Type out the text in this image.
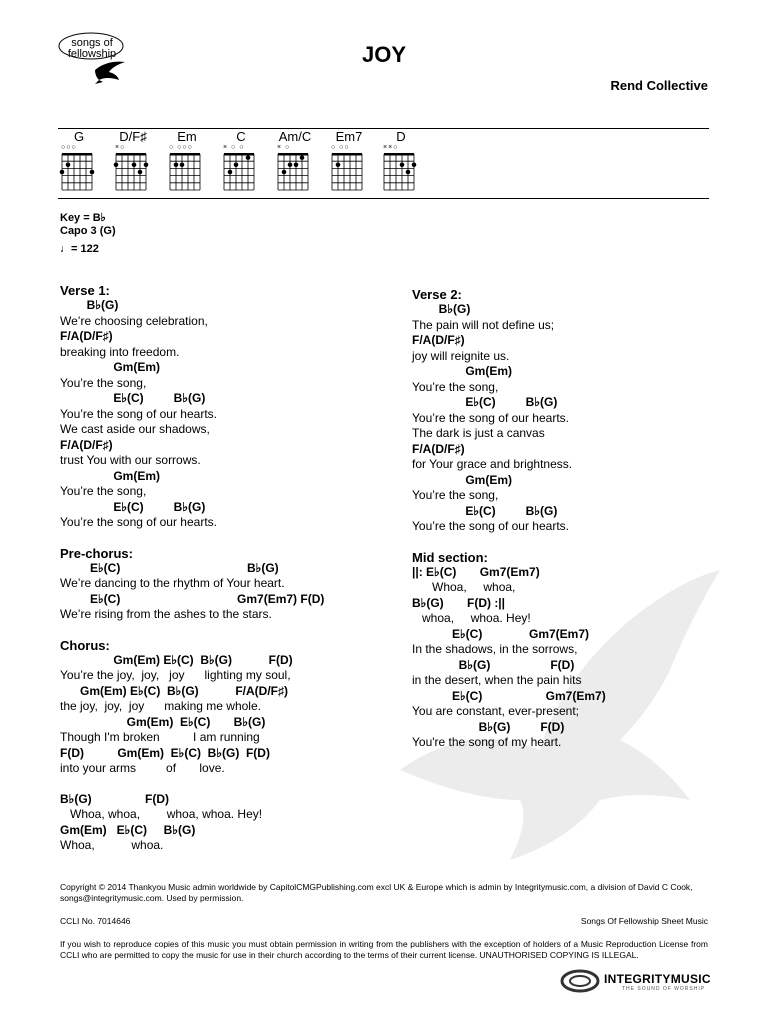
songs of fellowship	JOY
Rend Collective
G
○○○
D/F♯
×○
Em
○ ○○○
C
× ○ ○
Am/C
× ○
Em7
○ ○○
D
××○
Key = B♭
Capo 3 (G)
♩= 122
Verse 1:
B♭(G)
We’re choosing celebration,
F/A(D/F♯)
breaking into freedom.
Gm(Em)
You’re the song,
E♭(C)         B♭(G)
You’re the song of our hearts.
We cast aside our shadows,
F/A(D/F♯)
trust You with our sorrows.
Gm(Em)
You’re the song,
E♭(C)         B♭(G)
You’re the song of our hearts.
Pre-chorus:
E♭(C)                                      B♭(G)
We’re dancing to the rhythm of Your heart.
E♭(C)                                   Gm7(Em7) F(D)
We’re rising from the ashes to the stars.
Chorus:
Gm(Em) E♭(C)  B♭(G)           F(D)
You’re the joy,  joy,   joy      lighting my soul,
Gm(Em) E♭(C)  B♭(G)           F/A(D/F♯)
the joy,  joy,  joy      making me whole.
Gm(Em)  E♭(C)       B♭(G)
Though I'm broken          I am running
F(D)          Gm(Em)  E♭(C)  B♭(G)  F(D)
into your arms         of       love.
B♭(G)                F(D)
Whoa, whoa,        whoa, whoa. Hey!
Gm(Em)   E♭(C)     B♭(G)
Whoa,           whoa.
Verse 2:
B♭(G)
The pain will not define us;
F/A(D/F♯)
joy will reignite us.
Gm(Em)
You’re the song,
E♭(C)         B♭(G)
You’re the song of our hearts.
The dark is just a canvas
F/A(D/F♯)
for Your grace and brightness.
Gm(Em)
You’re the song,
E♭(C)         B♭(G)
You’re the song of our hearts.
Mid section:
||: E♭(C)       Gm7(Em7)
Whoa,     whoa,
B♭(G)       F(D) :||
whoa,     whoa. Hey!
E♭(C)              Gm7(Em7)
In the shadows, in the sorrows,
B♭(G)                  F(D)
in the desert, when the pain hits
E♭(C)                   Gm7(Em7)
You are constant, ever-present;
B♭(G)         F(D)
You're the song of my heart.
Copyright © 2014 Thankyou Music admin worldwide by CapitolCMGPublishing.com excl UK & Europe which is admin by Integritymusic.com, a division of David C Cook, songs@integritymusic.com. Used by permission.
CCLI No. 7014646	Songs Of Fellowship Sheet Music
If you wish to reproduce copies of this music you must obtain permission in writing from the publishers with the exception of holders of a Music Reproduction License from CCLI who are permitted to copy the music for use in their church according to the terms of their current license. UNAUTHORISED COPYING IS ILLEGAL.
INTEGRITYMUSIC
THE SOUND OF WORSHIP
